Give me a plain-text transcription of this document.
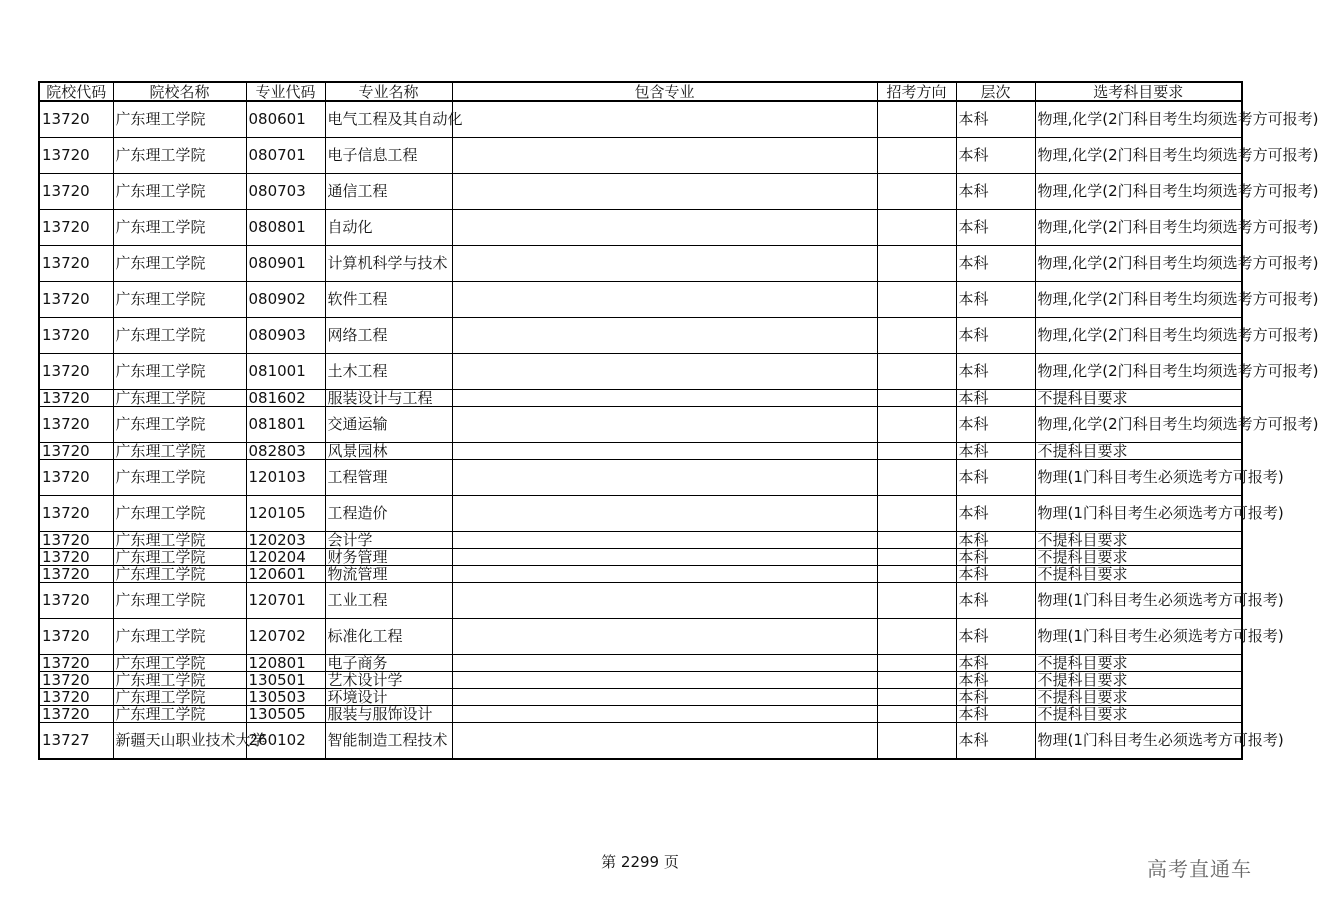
院校代码	院校名称	专业代码	专业名称	包含专业	招考方向	层次	选考科目要求
13720	广东理工学院	080601	电气工程及其自动化			本科	物理,化学(2门科目考生均须选考方可报考)
13720	广东理工学院	080701	电子信息工程			本科	物理,化学(2门科目考生均须选考方可报考)
13720	广东理工学院	080703	通信工程			本科	物理,化学(2门科目考生均须选考方可报考)
13720	广东理工学院	080801	自动化			本科	物理,化学(2门科目考生均须选考方可报考)
13720	广东理工学院	080901	计算机科学与技术			本科	物理,化学(2门科目考生均须选考方可报考)
13720	广东理工学院	080902	软件工程			本科	物理,化学(2门科目考生均须选考方可报考)
13720	广东理工学院	080903	网络工程			本科	物理,化学(2门科目考生均须选考方可报考)
13720	广东理工学院	081001	土木工程			本科	物理,化学(2门科目考生均须选考方可报考)
13720	广东理工学院	081602	服装设计与工程			本科	不提科目要求
13720	广东理工学院	081801	交通运输			本科	物理,化学(2门科目考生均须选考方可报考)
13720	广东理工学院	082803	风景园林			本科	不提科目要求
13720	广东理工学院	120103	工程管理			本科	物理(1门科目考生必须选考方可报考)
13720	广东理工学院	120105	工程造价			本科	物理(1门科目考生必须选考方可报考)
13720	广东理工学院	120203	会计学			本科	不提科目要求
13720	广东理工学院	120204	财务管理			本科	不提科目要求
13720	广东理工学院	120601	物流管理			本科	不提科目要求
13720	广东理工学院	120701	工业工程			本科	物理(1门科目考生必须选考方可报考)
13720	广东理工学院	120702	标准化工程			本科	物理(1门科目考生必须选考方可报考)
13720	广东理工学院	120801	电子商务			本科	不提科目要求
13720	广东理工学院	130501	艺术设计学			本科	不提科目要求
13720	广东理工学院	130503	环境设计			本科	不提科目要求
13720	广东理工学院	130505	服装与服饰设计			本科	不提科目要求
13727	新疆天山职业技术大学	260102	智能制造工程技术			本科	物理(1门科目考生必须选考方可报考)
第 2299 页	高考直通车
